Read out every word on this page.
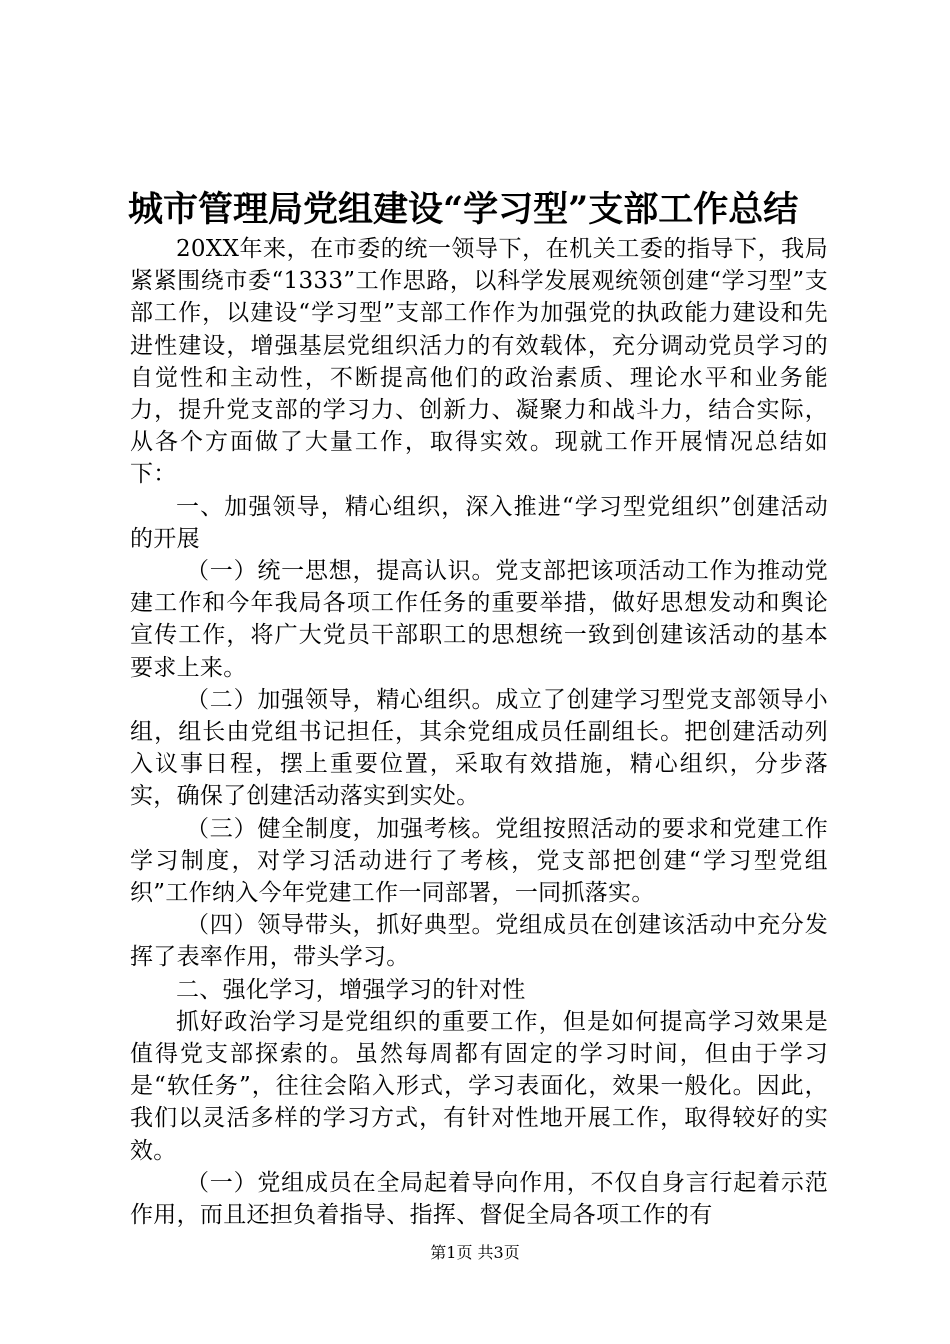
城市管理局党组建设“学习型”支部工作总结

20XX年来，在市委的统一领导下，在机关工委的指导下，我局紧紧围绕市委“1333”工作思路，以科学发展观统领创建“学习型”支部工作，以建设“学习型”支部工作作为加强党的执政能力建设和先进性建设，增强基层党组织活力的有效载体，充分调动党员学习的自觉性和主动性，不断提高他们的政治素质、理论水平和业务能力，提升党支部的学习力、创新力、凝聚力和战斗力，结合实际，从各个方面做了大量工作，取得实效。现就工作开展情况总结如下：

一、加强领导，精心组织，深入推进“学习型党组织”创建活动的开展

（一）统一思想，提高认识。党支部把该项活动工作为推动党建工作和今年我局各项工作任务的重要举措，做好思想发动和舆论宣传工作，将广大党员干部职工的思想统一致到创建该活动的基本要求上来。

（二）加强领导，精心组织。成立了创建学习型党支部领导小组，组长由党组书记担任，其余党组成员任副组长。把创建活动列入议事日程，摆上重要位置，采取有效措施，精心组织，分步落实，确保了创建活动落实到实处。

（三）健全制度，加强考核。党组按照活动的要求和党建工作学习制度，对学习活动进行了考核，党支部把创建“学习型党组织”工作纳入今年党建工作一同部署，一同抓落实。

（四）领导带头，抓好典型。党组成员在创建该活动中充分发挥了表率作用，带头学习。

二、强化学习，增强学习的针对性

抓好政治学习是党组织的重要工作，但是如何提高学习效果是值得党支部探索的。虽然每周都有固定的学习时间，但由于学习是“软任务”，往往会陷入形式，学习表面化，效果一般化。因此，我们以灵活多样的学习方式，有针对性地开展工作，取得较好的实效。

（一）党组成员在全局起着导向作用，不仅自身言行起着示范作用，而且还担负着指导、指挥、督促全局各项工作的有

第1页 共3页
